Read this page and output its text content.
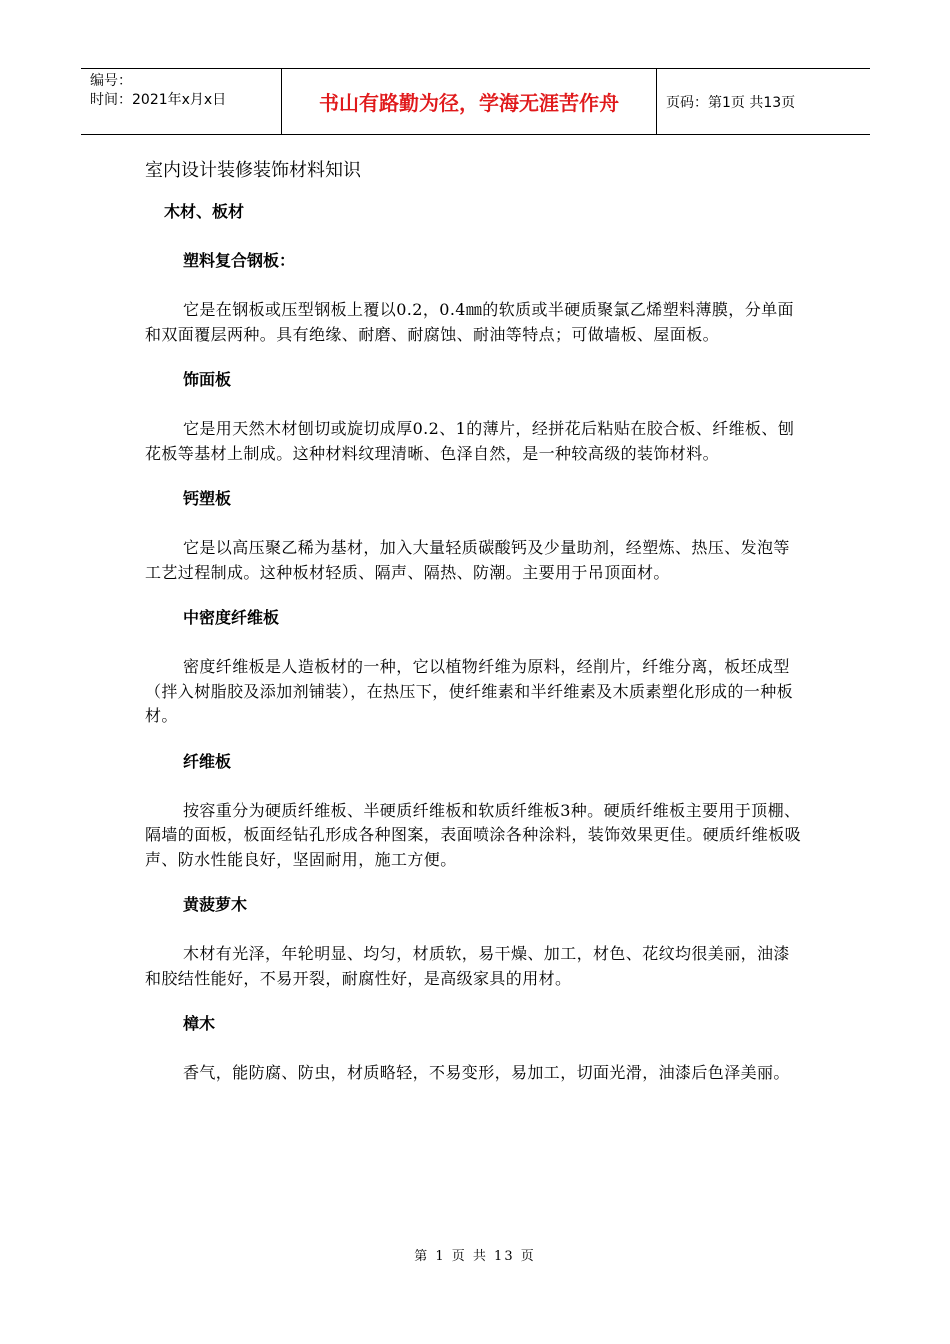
编号：
时间：2021年x月x日	书山有路勤为径，学海无涯苦作舟	页码：第1页 共13页
室内设计装修装饰材料知识
木材、板材
塑料复合钢板：
它是在钢板或压型钢板上覆以0.2，0.4㎜的软质或半硬质聚氯乙烯塑料薄膜，分单面和双面覆层两种。具有绝缘、耐磨、耐腐蚀、耐油等特点；可做墙板、屋面板。
饰面板
它是用天然木材刨切或旋切成厚0.2、1的薄片，经拼花后粘贴在胶合板、纤维板、刨花板等基材上制成。这种材料纹理清晰、色泽自然，是一种较高级的装饰材料。
钙塑板
它是以高压聚乙稀为基材，加入大量轻质碳酸钙及少量助剂，经塑炼、热压、发泡等工艺过程制成。这种板材轻质、隔声、隔热、防潮。主要用于吊顶面材。
中密度纤维板
密度纤维板是人造板材的一种，它以植物纤维为原料，经削片，纤维分离，板坯成型（拌入树脂胶及添加剂铺装），在热压下，使纤维素和半纤维素及木质素塑化形成的一种板材。
纤维板
按容重分为硬质纤维板、半硬质纤维板和软质纤维板3种。硬质纤维板主要用于顶棚、隔墙的面板，板面经钻孔形成各种图案，表面喷涂各种涂料，装饰效果更佳。硬质纤维板吸声、防水性能良好，坚固耐用，施工方便。
黄菠萝木
木材有光泽，年轮明显、均匀，材质软，易干燥、加工，材色、花纹均很美丽，油漆和胶结性能好，不易开裂，耐腐性好，是高级家具的用材。
樟木
香气，能防腐、防虫，材质略轻，不易变形，易加工，切面光滑，油漆后色泽美丽。
第 1 页 共 13 页
